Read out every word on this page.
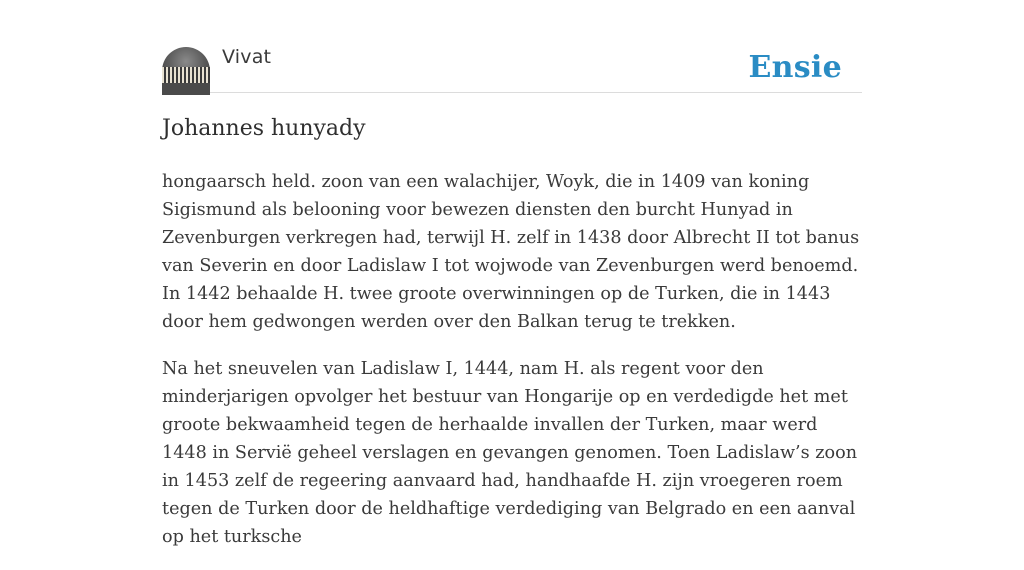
Vivat	Ensie
Johannes hunyady

hongaarsch held. zoon van een walachijer, Woyk, die in 1409 van koning Sigismund als belooning voor bewezen diensten den burcht Hunyad in Zevenburgen verkregen had, terwijl H. zelf in 1438 door Albrecht II tot banus van Severin en door Ladislaw I tot wojwode van Zevenburgen werd benoemd. In 1442 behaalde H. twee groote overwinningen op de Turken, die in 1443 door hem gedwongen werden over den Balkan terug te trekken.

Na het sneuvelen van Ladislaw I, 1444, nam H. als regent voor den minderjarigen opvolger het bestuur van Hongarije op en verdedigde het met groote bekwaamheid tegen de herhaalde invallen der Turken, maar werd 1448 in Servië geheel verslagen en gevangen genomen. Toen Ladislaw’s zoon in 1453 zelf de regeering aanvaard had, handhaafde H. zijn vroegeren roem tegen de Turken door de heldhaftige verdediging van Belgrado en een aanval op het turksche
